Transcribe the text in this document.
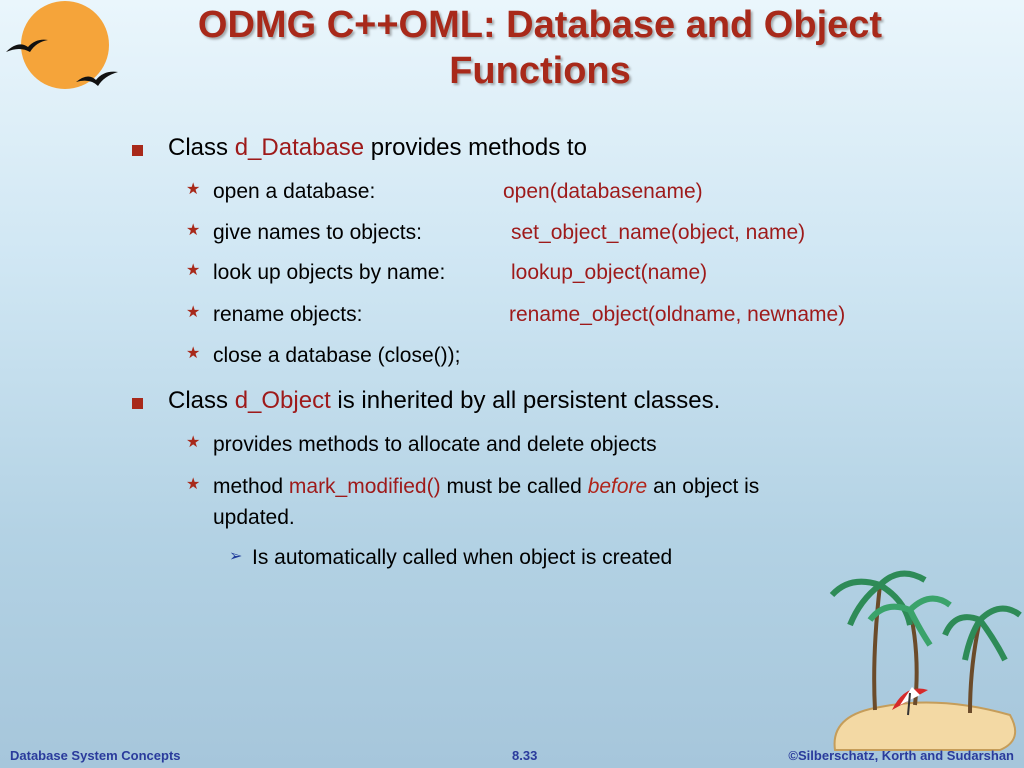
ODMG C++OML: Database and Object
Functions
Class d_Database provides methods to
★ open a database:	open(databasename)
★ give names to objects:	set_object_name(object, name)
★ look up objects by name:	lookup_object(name)
★ rename objects:	rename_object(oldname, newname)
★ close a database (close());
Class d_Object is inherited by all persistent classes.
★ provides methods to allocate and delete objects
★ method mark_modified() must be called before an object is
updated.
➢ Is automatically called when object is created
Database System Concepts	8.33	©Silberschatz, Korth and Sudarshan
